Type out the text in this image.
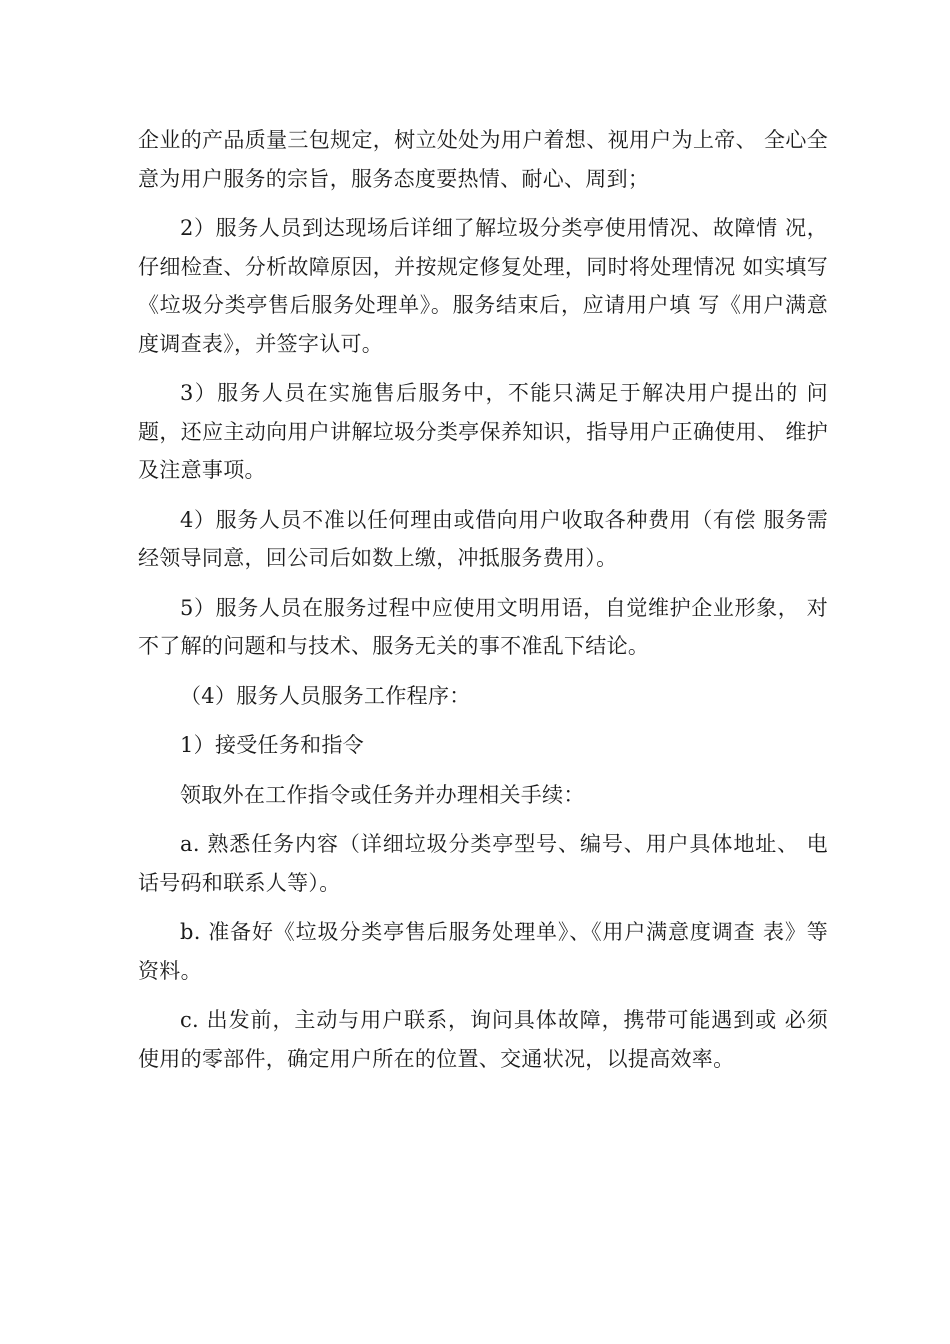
企业的产品质量三包规定，树立处处为用户着想、视用户为上帝、 全心全意为用户服务的宗旨，服务态度要热情、耐心、周到；

2）服务人员到达现场后详细了解垃圾分类亭使用情况、故障情 况，仔细检查、分析故障原因，并按规定修复处理，同时将处理情况 如实填写《垃圾分类亭售后服务处理单》。服务结束后，应请用户填 写《用户满意度调查表》，并签字认可。

3）服务人员在实施售后服务中，不能只满足于解决用户提出的 问题，还应主动向用户讲解垃圾分类亭保养知识，指导用户正确使用、 维护及注意事项。

4）服务人员不准以任何理由或借向用户收取各种费用（有偿 服务需经领导同意，回公司后如数上缴，冲抵服务费用）。

5）服务人员在服务过程中应使用文明用语，自觉维护企业形象， 对不了解的问题和与技术、服务无关的事不准乱下结论。

（4）服务人员服务工作程序：

1）接受任务和指令

领取外在工作指令或任务并办理相关手续：

a. 熟悉任务内容（详细垃圾分类亭型号、编号、用户具体地址、 电话号码和联系人等）。

b. 准备好《垃圾分类亭售后服务处理单》、《用户满意度调查 表》等资料。

c. 出发前，主动与用户联系，询问具体故障，携带可能遇到或 必须使用的零部件，确定用户所在的位置、交通状况，以提高效率。
